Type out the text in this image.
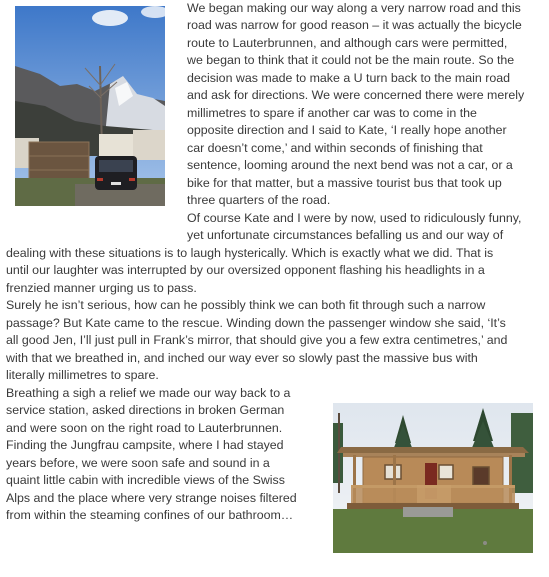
We began making our way along a very narrow road and this
road was narrow for good reason – it was actually the bicycle
route to Lauterbrunnen, and although cars were permitted,
we began to think that it could not be the main route. So the
decision was made to make a U turn back to the main road
and ask for directions. We were concerned there were merely
millimetres to spare if another car was to come in the
opposite direction and I said to Kate, ‘I really hope another
car doesn’t come,’ and within seconds of finishing that
sentence, looming around the next bend was not a car, or a
bike for that matter, but a massive tourist bus that took up
three quarters of the road.
Of course Kate and I were by now, used to ridiculously funny,
yet unfortunate circumstances befalling us and our way of
dealing with these situations is to laugh hysterically. Which is exactly what we did. That is
until our laughter was interrupted by our oversized opponent flashing his headlights in a
frenzied manner urging us to pass.
Surely he isn’t serious, how can he possibly think we can both fit through such a narrow
passage? But Kate came to the rescue. Winding down the passenger window she said, ‘It’s
all good Jen, I’ll just pull in Frank’s mirror, that should give you a few extra centimetres,’ and
with that we breathed in, and inched our way ever so slowly past the massive bus with
literally millimetres to spare.
Breathing a sigh a relief we made our way back to a
service station, asked directions in broken German
and were soon on the right road to Lauterbrunnen.
Finding the Jungfrau campsite, where I had stayed
years before, we were soon safe and sound in a
quaint little cabin with incredible views of the Swiss
Alps and the place where very strange noises filtered
from within the steaming confines of our bathroom…
